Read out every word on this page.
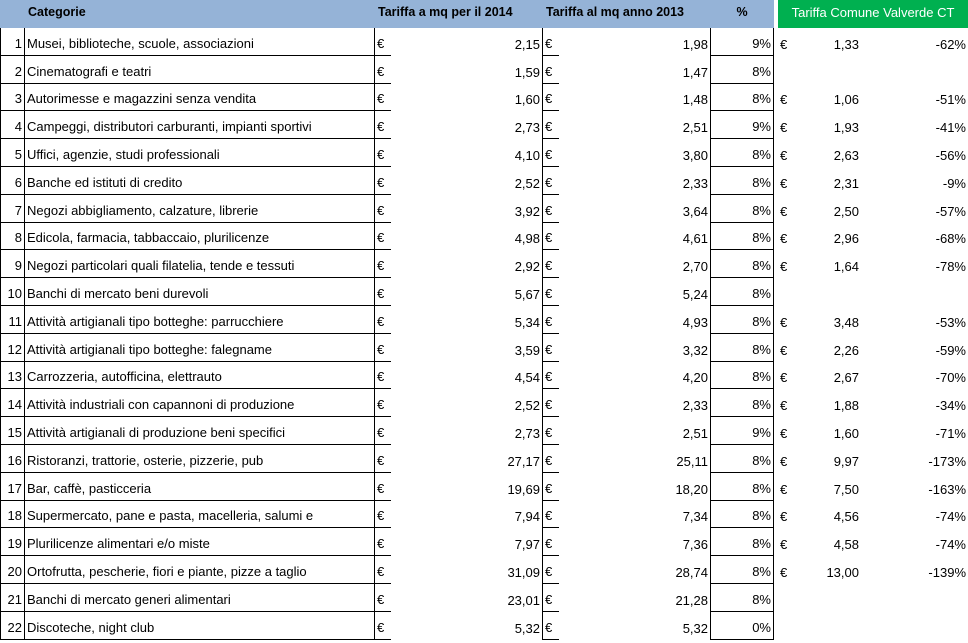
Categorie	Tariffa a mq per il 2014	Tariffa al mq anno 2013	%	Tariffa Comune Valverde CT
1 Musei, biblioteche, scuole, associazioni	€	2,15 €	1,98	9% €	1,33	-62%
2 Cinematografi e teatri	€	1,59 €	1,47	8%
3 Autorimesse e magazzini senza vendita	€	1,60 €	1,48	8% €	1,06	-51%
4 Campeggi, distributori carburanti, impianti sportivi	€	2,73 €	2,51	9% €	1,93	-41%
5 Uffici, agenzie, studi professionali	€	4,10 €	3,80	8% €	2,63	-56%
6 Banche ed istituti di credito	€	2,52 €	2,33	8% €	2,31	-9%
7 Negozi abbigliamento, calzature, librerie	€	3,92 €	3,64	8% €	2,50	-57%
8 Edicola, farmacia, tabbaccaio, plurilicenze	€	4,98 €	4,61	8% €	2,96	-68%
9 Negozi particolari quali filatelia, tende e tessuti	€	2,92 €	2,70	8% €	1,64	-78%
10 Banchi di mercato beni durevoli	€	5,67 €	5,24	8%
11 Attività artigianali tipo botteghe: parrucchiere	€	5,34 €	4,93	8% €	3,48	-53%
12 Attività artigianali tipo botteghe: falegname	€	3,59 €	3,32	8% €	2,26	-59%
13 Carrozzeria, autofficina, elettrauto	€	4,54 €	4,20	8% €	2,67	-70%
14 Attività industriali con capannoni di produzione	€	2,52 €	2,33	8% €	1,88	-34%
15 Attività artigianali di produzione beni specifici	€	2,73 €	2,51	9% €	1,60	-71%
16 Ristoranzi, trattorie, osterie, pizzerie, pub	€	27,17 €	25,11	8% €	9,97	-173%
17 Bar, caffè, pasticceria	€	19,69 €	18,20	8% €	7,50	-163%
18 Supermercato, pane e pasta, macelleria, salumi e	€	7,94 €	7,34	8% €	4,56	-74%
19 Plurilicenze alimentari e/o miste	€	7,97 €	7,36	8% €	4,58	-74%
20 Ortofrutta, pescherie, fiori e piante, pizze a taglio	€	31,09 €	28,74	8% €	13,00	-139%
21 Banchi di mercato generi alimentari	€	23,01 €	21,28	8%
22 Discoteche, night club	€	5,32 €	5,32	0%
